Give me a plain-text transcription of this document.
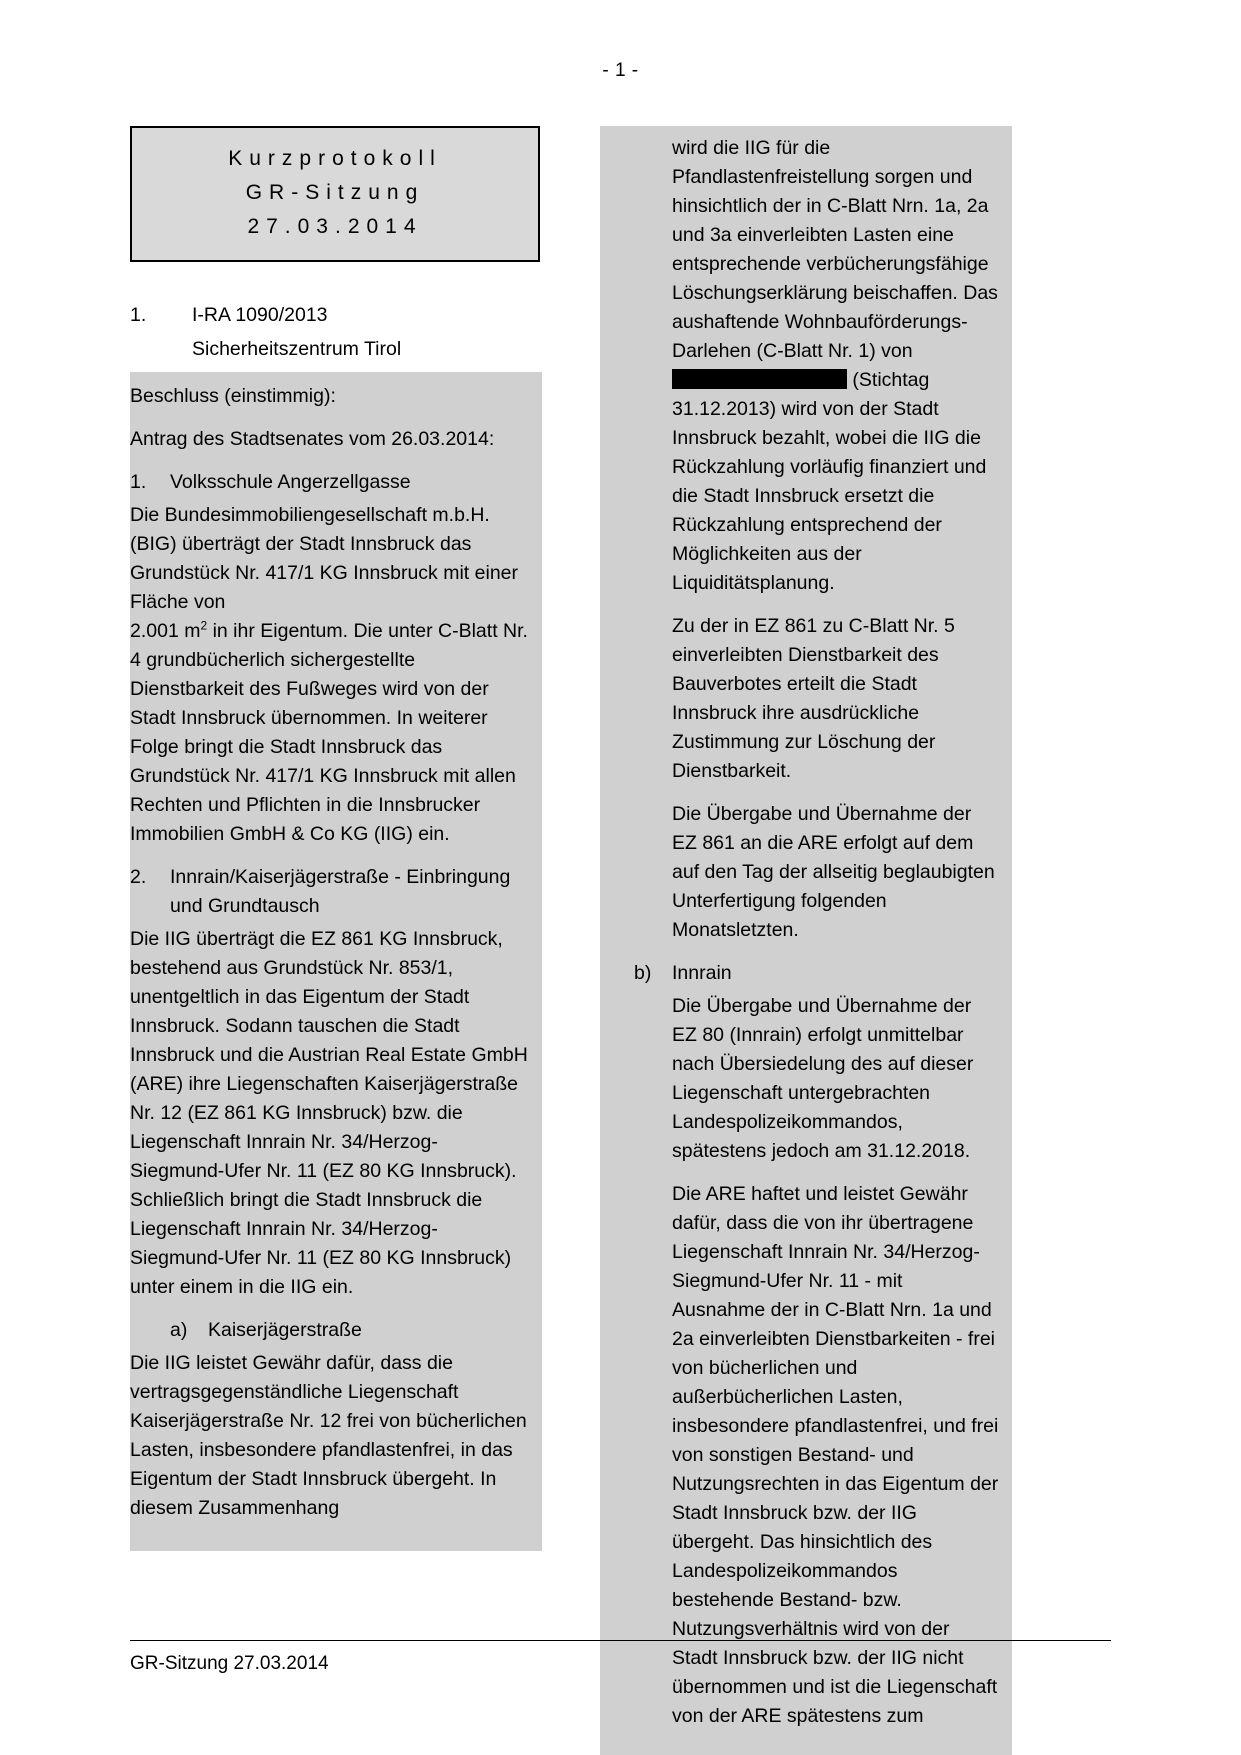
- 1 -
Kurzprotokoll
GR-Sitzung
27.03.2014
1.	I-RA 1090/2013
Sicherheitszentrum Tirol

Beschluss (einstimmig):

Antrag des Stadtsenates vom 26.03.2014:

1.	Volksschule Angerzellgasse

Die Bundesimmobiliengesellschaft m.b.H. (BIG) überträgt der Stadt Innsbruck das Grundstück Nr. 417/1 KG Innsbruck mit einer Fläche von

2.001 $m^2$ in ihr Eigentum. Die unter C-Blatt Nr. 4 grundbücherlich sichergestellte Dienstbarkeit des Fußweges wird von der Stadt Innsbruck übernommen. In weiterer Folge bringt die Stadt Innsbruck das Grundstück Nr. 417/1 KG Innsbruck mit allen Rechten und Pflichten in die Innsbrucker Immobilien GmbH & Co KG (IIG) ein.

2.	Innrain/Kaiserjägerstraße - Einbringung und Grundtausch

Die IIG überträgt die EZ 861 KG Innsbruck, bestehend aus Grundstück Nr. 853/1, unentgeltlich in das Eigentum der Stadt Innsbruck. Sodann tauschen die Stadt Innsbruck und die Austrian Real Estate GmbH (ARE) ihre Liegenschaften Kaiserjägerstraße Nr. 12 (EZ 861 KG Innsbruck) bzw. die Liegenschaft Innrain Nr. 34/Herzog-Siegmund-Ufer Nr. 11 (EZ 80 KG Innsbruck). Schließlich bringt die Stadt Innsbruck die Liegenschaft Innrain Nr. 34/Herzog-Siegmund-Ufer Nr. 11 (EZ 80 KG Innsbruck) unter einem in die IIG ein.

a)	Kaiserjägerstraße

Die IIG leistet Gewähr dafür, dass die vertragsgegenständliche Liegenschaft Kaiserjägerstraße Nr. 12 frei von bücherlichen Lasten, insbesondere pfandlastenfrei, in das Eigentum der Stadt Innsbruck übergeht. In diesem Zusammenhang

wird die IIG für die Pfandlastenfreistellung sorgen und hinsichtlich der in C-Blatt Nrn. 1a, 2a und 3a einverleibten Lasten eine entsprechende verbücherungsfähige Löschungserklärung beischaffen. Das aushaftende Wohnbauförderungs-Darlehen (C-Blatt Nr. 1) von  (Stichtag 31.12.2013) wird von der Stadt Innsbruck bezahlt, wobei die IIG die Rückzahlung vorläufig finanziert und die Stadt Innsbruck ersetzt die Rückzahlung entsprechend der Möglichkeiten aus der Liquiditätsplanung.

Zu der in EZ 861 zu C-Blatt Nr. 5 einverleibten Dienstbarkeit des Bauverbotes erteilt die Stadt Innsbruck ihre ausdrückliche Zustimmung zur Löschung der Dienstbarkeit.

Die Übergabe und Übernahme der EZ 861 an die ARE erfolgt auf dem auf den Tag der allseitig beglaubigten Unterfertigung folgenden Monatsletzten.

b)	Innrain

Die Übergabe und Übernahme der EZ 80 (Innrain) erfolgt unmittelbar nach Übersiedelung des auf dieser Liegenschaft untergebrachten Landespolizeikommandos, spätestens jedoch am 31.12.2018.

Die ARE haftet und leistet Gewähr dafür, dass die von ihr übertragene Liegenschaft Innrain Nr. 34/Herzog-Siegmund-Ufer Nr. 11 - mit Ausnahme der in C-Blatt Nrn. 1a und 2a einverleibten Dienstbarkeiten - frei von bücherlichen und außerbücherlichen Lasten, insbesondere pfandlastenfrei, und frei von sonstigen Bestand- und Nutzungsrechten in das Eigentum der Stadt Innsbruck bzw. der IIG übergeht. Das hinsichtlich des Landespolizeikommandos bestehende Bestand- bzw. Nutzungsverhältnis wird von der Stadt Innsbruck bzw. der IIG nicht übernommen und ist die Liegenschaft von der ARE spätestens zum

GR-Sitzung 27.03.2014
